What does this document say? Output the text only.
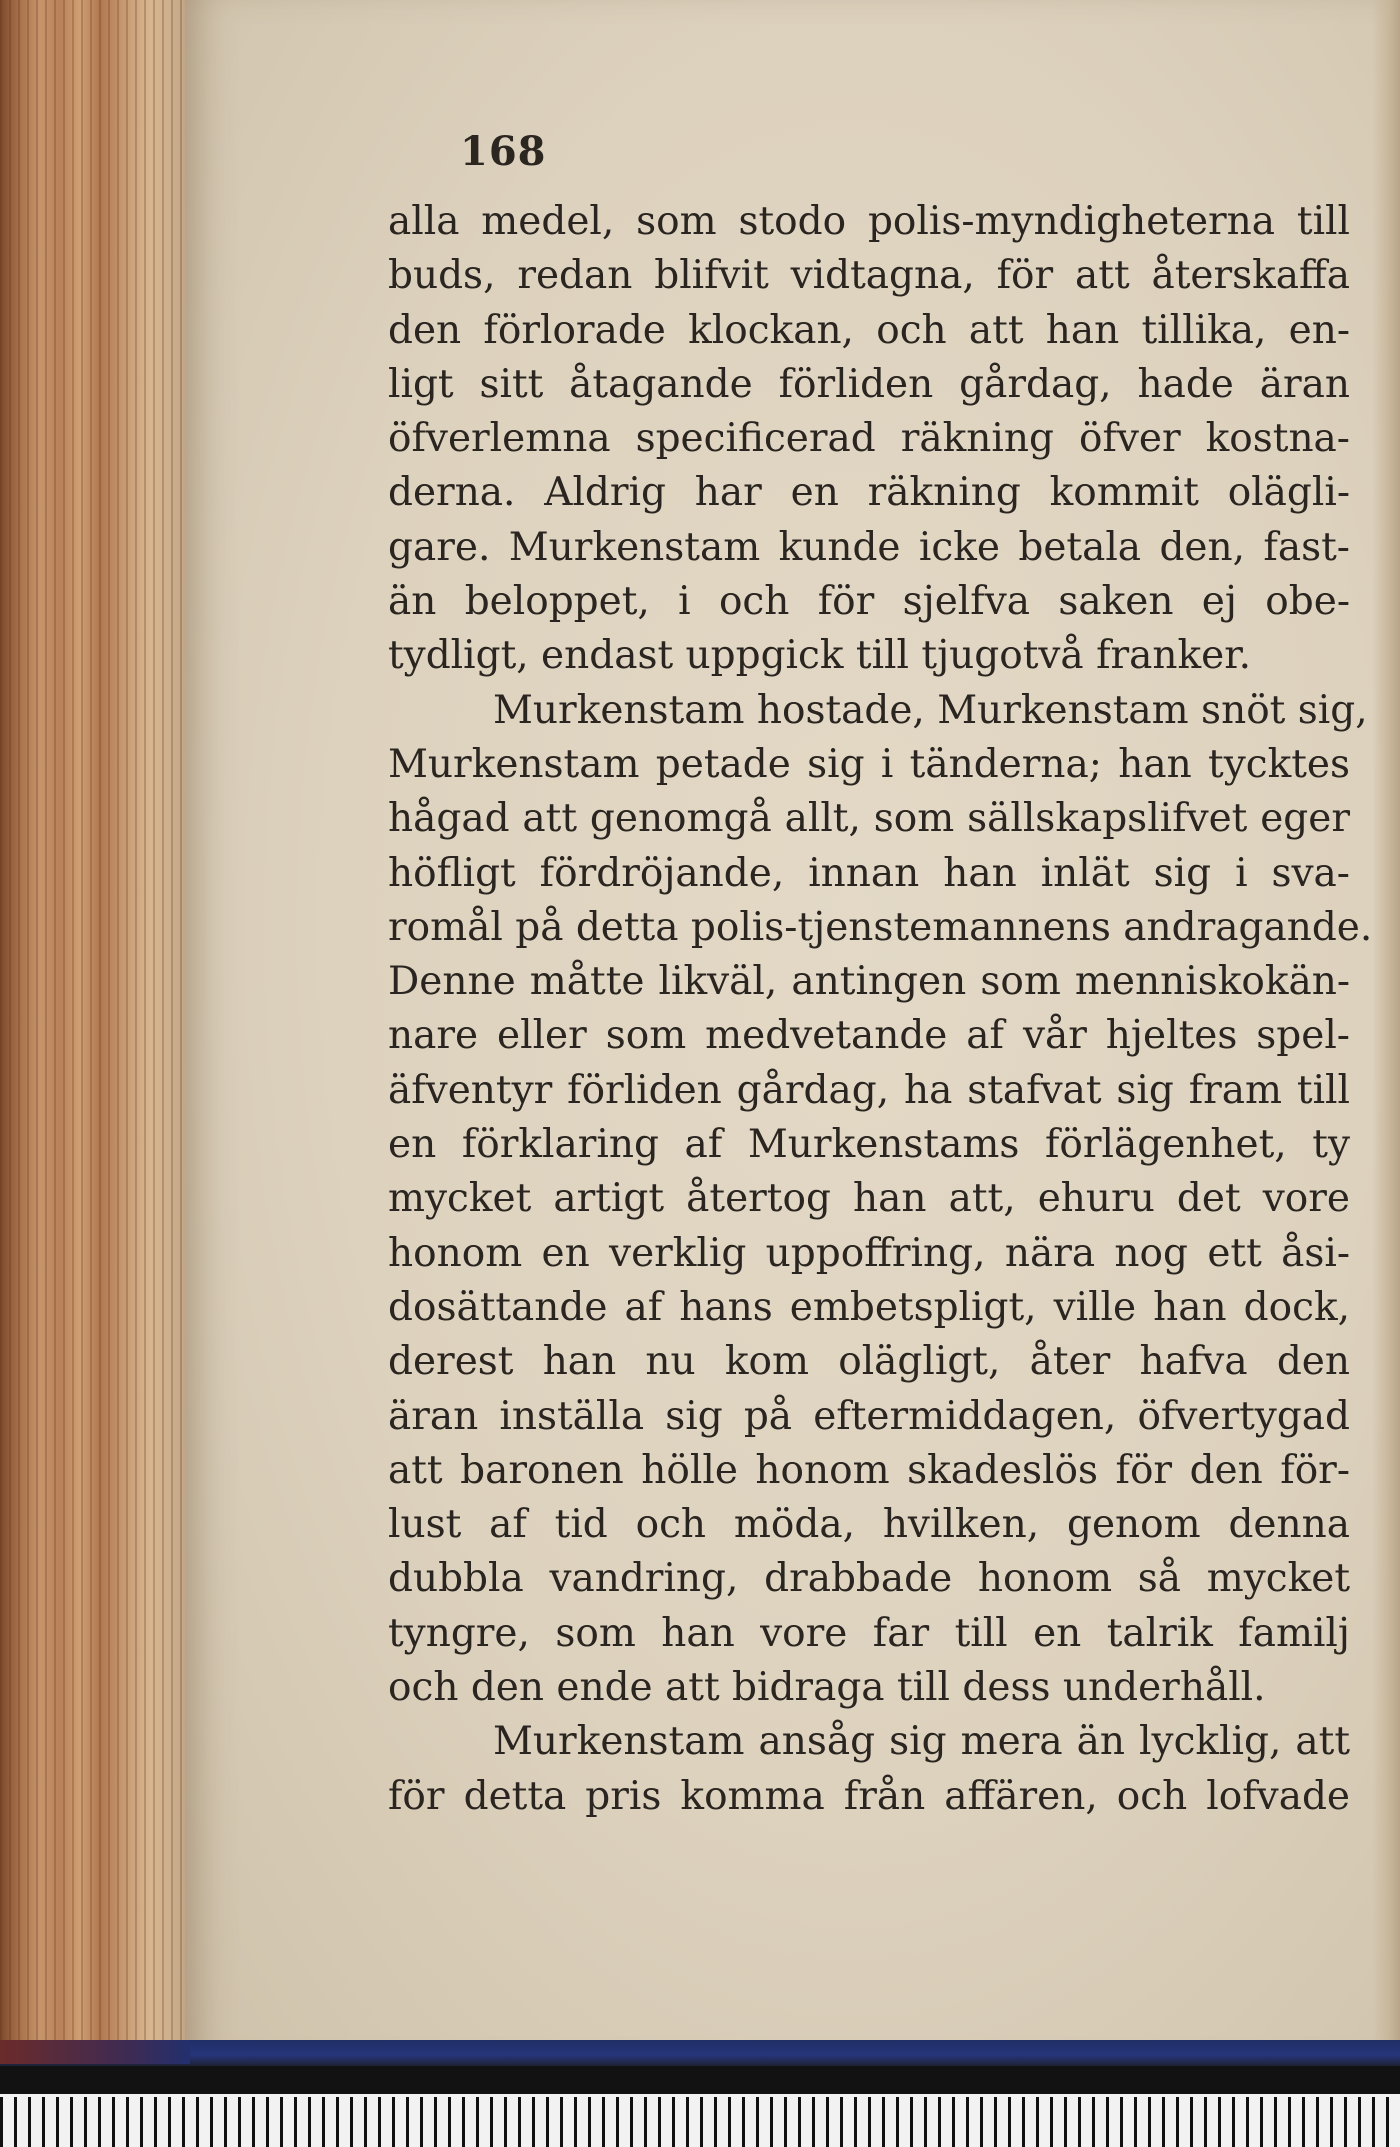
168
alla medel, som stodo polis-myndigheterna till
buds, redan blifvit vidtagna, för att återskaffa
den förlorade klockan, och att han tillika, en-
ligt sitt åtagande förliden gårdag, hade äran
öfverlemna specificerad räkning öfver kostna-
derna. Aldrig har en räkning kommit olägli-
gare. Murkenstam kunde icke betala den, fast-
än beloppet, i och för sjelfva saken ej obe-
tydligt, endast uppgick till tjugotvå franker.
Murkenstam hostade, Murkenstam snöt sig,
Murkenstam petade sig i tänderna; han tycktes
hågad att genomgå allt, som sällskapslifvet eger
höfligt fördröjande, innan han inlät sig i sva-
romål på detta polis-tjenstemannens andragande.
Denne måtte likväl, antingen som menniskokän-
nare eller som medvetande af vår hjeltes spel-
äfventyr förliden gårdag, ha stafvat sig fram till
en förklaring af Murkenstams förlägenhet, ty
mycket artigt återtog han att, ehuru det vore
honom en verklig uppoffring, nära nog ett åsi-
dosättande af hans embetspligt, ville han dock,
derest han nu kom olägligt, åter hafva den
äran inställa sig på eftermiddagen, öfvertygad
att baronen hölle honom skadeslös för den för-
lust af tid och möda, hvilken, genom denna
dubbla vandring, drabbade honom så mycket
tyngre, som han vore far till en talrik familj
och den ende att bidraga till dess underhåll.
Murkenstam ansåg sig mera än lycklig, att
för detta pris komma från affären, och lofvade
